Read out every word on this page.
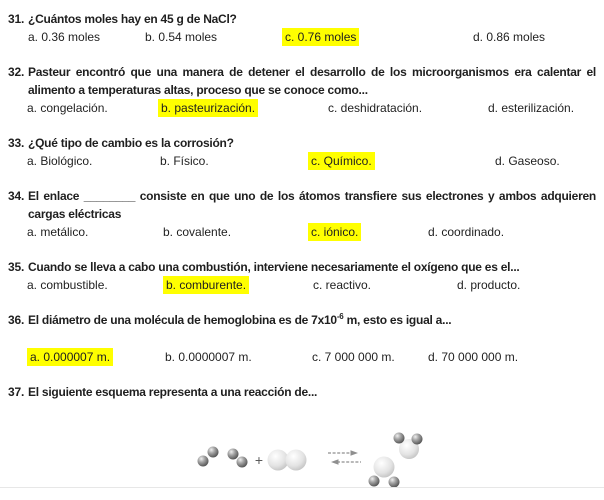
31. ¿Cuántos moles hay en 45 g de NaCl?
a. 0.36 moles	b. 0.54 moles	c. 0.76 moles	d. 0.86 moles
32. Pasteur encontró que una manera de detener el desarrollo de los microorganismos era calentar el alimento a temperaturas altas, proceso que se conoce como...
a. congelación.	b. pasteurización.	c. deshidratación.	d. esterilización.
33. ¿Qué tipo de cambio es la corrosión?
a. Biológico.	b. Físico.	c. Químico.	d. Gaseoso.
34. El enlace ________ consiste en que uno de los átomos transfiere sus electrones y ambos adquieren cargas eléctricas
a. metálico.	b. covalente.	c. iónico.	d. coordinado.
35. Cuando se lleva a cabo una combustión, interviene necesariamente el oxígeno que es el...
a. combustible.	b. comburente.	c. reactivo.	d. producto.
36. El diámetro de una molécula de hemoglobina es de $7x10^{-6}$ m, esto es igual a...
a. 0.000007 m.	b. 0.0000007 m.	c. 7 000 000 m.	d. 70 000 000 m.
37. El siguiente esquema representa a una reacción de...
+
